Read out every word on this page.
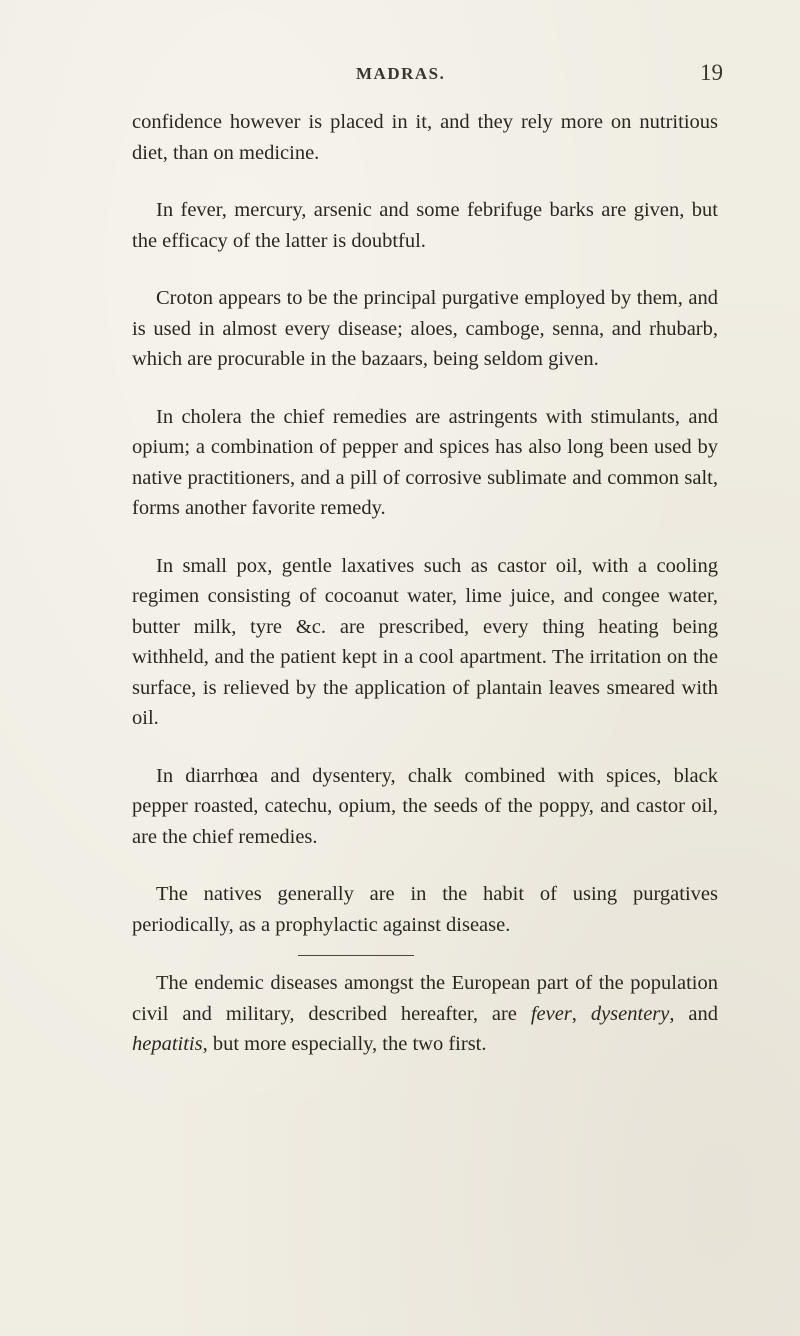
MADRAS.	19

confidence however is placed in it, and they rely more on nutritious diet, than on medicine.

In fever, mercury, arsenic and some febrifuge barks are given, but the efficacy of the latter is doubtful.

Croton appears to be the principal purgative employed by them, and is used in almost every disease; aloes, camboge, senna, and rhubarb, which are procurable in the bazaars, being seldom given.

In cholera the chief remedies are astringents with stimulants, and opium; a combination of pepper and spices has also long been used by native practitioners, and a pill of corrosive sublimate and common salt, forms another favorite remedy.

In small pox, gentle laxatives such as castor oil, with a cooling regimen consisting of cocoanut water, lime juice, and congee water, butter milk, tyre &c. are prescribed, every thing heating being withheld, and the patient kept in a cool apartment. The irritation on the surface, is relieved by the application of plantain leaves smeared with oil.

In diarrhœa and dysentery, chalk combined with spices, black pepper roasted, catechu, opium, the seeds of the poppy, and castor oil, are the chief remedies.

The natives generally are in the habit of using purgatives periodically, as a prophylactic against disease.

The endemic diseases amongst the European part of the population civil and military, described hereafter, are fever, dysentery, and hepatitis, but more especially, the two first.
